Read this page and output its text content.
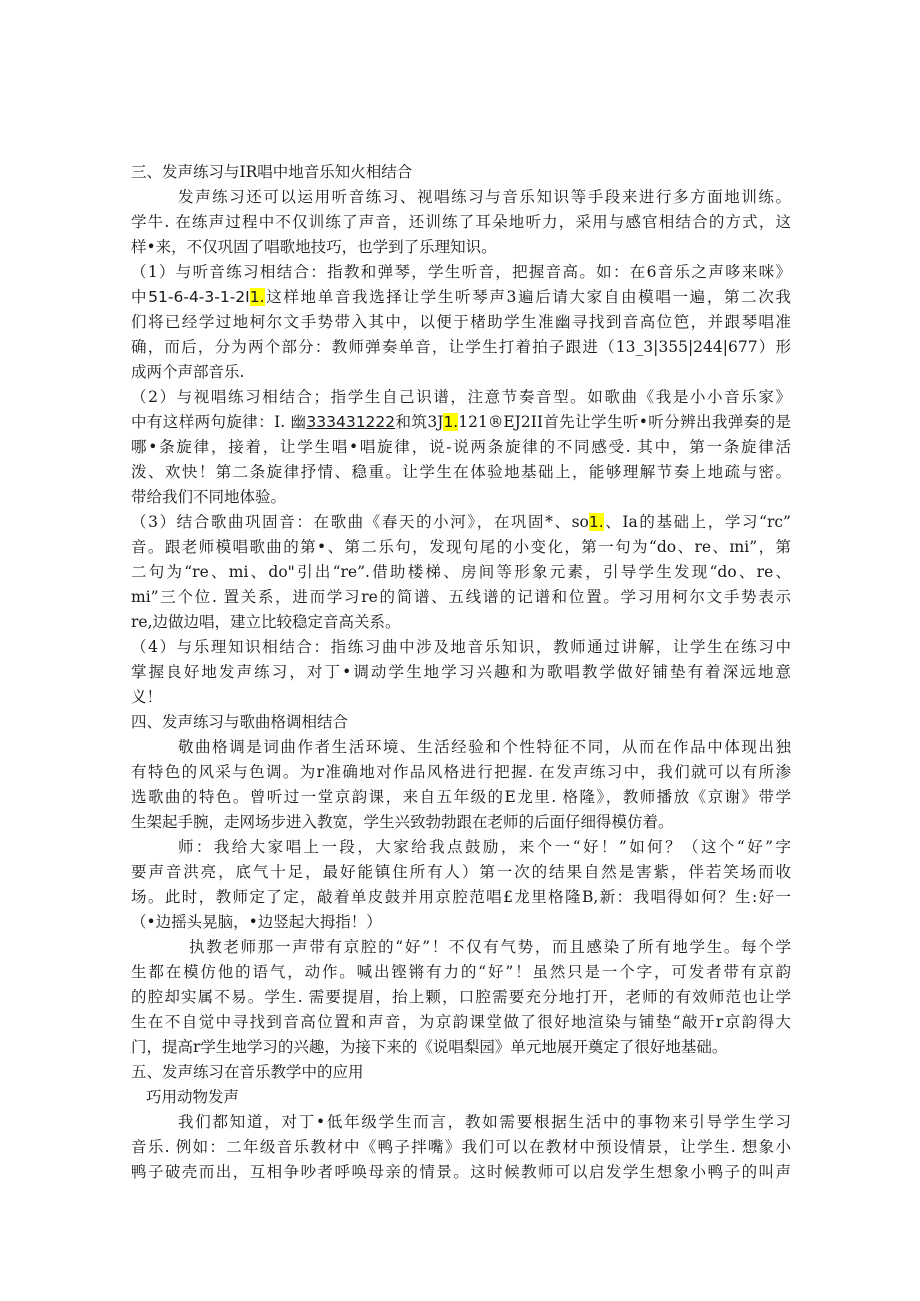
三、发声练习与IR唱中地音乐知火相结合
发声练习还可以运用听音练习、视唱练习与音乐知识等手段来进行多方面地训练。
学牛. 在练声过程中不仅训练了声音，还训练了耳朵地听力，采用与感官相结合的方式，这
样•来，不仅巩固了唱歌地技巧，也学到了乐理知识。
（1）与听音练习相结合：指教和弹琴，学生听音，把握音高。如：在6音乐之声哆来咪》
中51-6-4-3-1-2I1.这样地单音我选择让学生听琴声3遍后请大家自由模唱一遍，第二次我
们将已经学过地柯尔文手势带入其中，以便于楮助学生准幽寻找到音高位笆，并跟琴唱准
确，而后，分为两个部分：教师弹奏单音，让学生打着拍子跟进（13_3|355|244|677）形
成两个声部音乐.
（2）与视唱练习相结合；指学生自己识谱，注意节奏音型。如歌曲《我是小小音乐家》
中有这样两句旋律：I. 幽333431222和筑3J1.121®EJ2II首先让学生听•听分辨出我弹奏的是
哪•条旋律，接着，让学生唱•唱旋律，说-说两条旋律的不同感受. 其中，第一条旋律活
泼、欢快！第二条旋律抒情、稳重。让学生在体验地基础上，能够理解节奏上地疏与密。
带给我们不同地体验。
（3）结合歌曲巩固音：在歌曲《春天的小河》，在巩固*、so1.、Ia的基础上，学习“rc”
音。跟老师模唱歌曲的第•、第二乐句，发现句尾的小变化，第一句为“do、re、ɪni”，第
二句为“re、mi、do"引出“re”.借助楼梯、房间等形象元素，引导学生发现“do、re、
mi”三个位. 置关系，进而学习re的简谱、五线谱的记谱和位置。学习用柯尔文手势表示
re,边做边唱，建立比较稳定音高关系。
（4）与乐理知识相结合：指练习曲中涉及地音乐知识，教师通过讲解，让学生在练习中
掌握良好地发声练习，对丁•调动学生地学习兴趣和为歌唱教学做好铺垫有着深远地意
义！
四、发声练习与歌曲格调相结合
敬曲格调是词曲作者生活环境、生活经验和个性特征不同，从而在作品中体现出独
有特色的风采与色调。为r准确地对作品风格进行把握. 在发声练习中，我们就可以有所渗
选歌曲的特色。曾听过一堂京韵课，来自五年级的E龙里. 格隆》，教师播放《京谢》带学
生架起手腕，走网场步进入教宽，学生兴致勃勃跟在老师的后面仔细得模仿着。
师：我给大家唱上一段，大家给我点鼓励，来个一“好！”如何？（这个“好”字
要声音洪亮，底气十足，最好能镇住所有人）第一次的结果自然是害紫，伴若笑场而收
场。此时，教师定了定，敲着单皮鼓并用京腔范唱£龙里格隆B,新：我唱得如何？生:好一
（•边摇头晃脑，•边竖起大拇指！）
执教老师那一声带有京腔的“好”！不仅有气势，而且感染了所有地学生。每个学
生都在模仿他的语气，动作。喊出铿锵有力的“好”！虽然只是一个字，可发者带有京韵
的腔却实属不易。学生. 需要提眉，抬上颗，口腔需要充分地打开，老师的有效师范也让学
生在不自觉中寻找到音高位置和声音，为京韵课堂做了很好地渲染与铺垫“敲开r京韵得大
门，提高r学生地学习的兴趣，为接下来的《说唱梨园》单元地展开奠定了很好地基础。
五、发声练习在音乐教学中的应用
巧用动物发声
我们都知道，对丁•低年级学生而言，教如需要根据生活中的事物来引导学生学习
音乐. 例如：二年级音乐教材中《鸭子拌嘴》我们可以在教材中预设情景，让学生. 想象小
鸭子破壳而出，互相争吵者呼唤母亲的情景。这时候教师可以启发学生想象小鸭子的叫声
